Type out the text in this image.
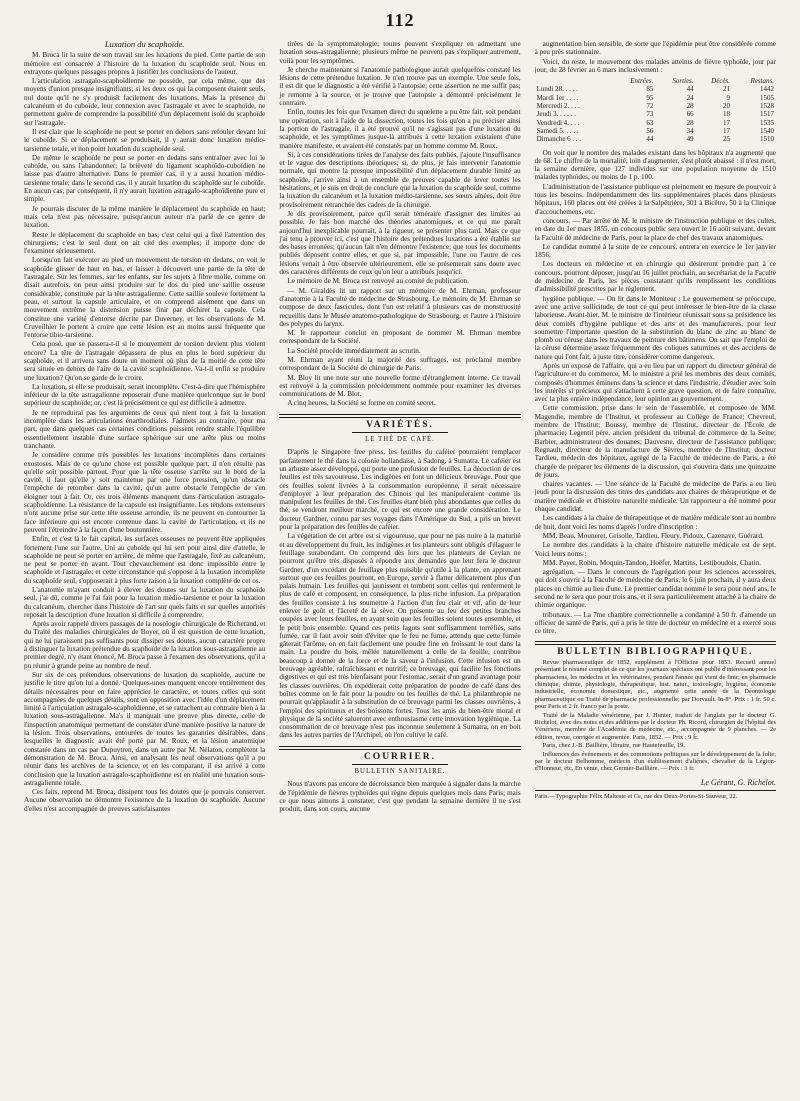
112
Luxation du scaphoïde.

M. Broca lit la suite de son travail sur les luxations du pied. Cette partie de son mémoire est consacrée à l'histoire de la luxation du scaphoïde seul. Nous en extrayons quelques passages propres à justifier les conclusions de l'auteur.

L'articulation astragalo-scaphoïdienne ne possède, par cela même, que des moyens d'union presque insignifiants; si les deux os qui la composent étaient seuls, nul doute qu'il ne s'y produisît facilement des luxations. Mais la présence du calcanéum et du cuboïde, leur connexion avec l'astragale et avec le scaphoïde, ne permettent guère de comprendre la possibilité d'un déplacement isolé du scaphoïde sur l'astragale.

Il est clair que le scaphoïde ne peut se porter en dehors sans refouler devant lui le cuboïde. Si ce déplacement se produisait, il y aurait donc luxation médio-tarsienne totale, et non point luxation du scaphoïde seul.

De même le scaphoïde ne peut se porter en dedans sans entraîner avec lui le cuboïde, ou sans l'abandonner; la brièveté du ligament scaphoïdo-cuboïdien ne laisse pas d'autre alternative. Dans le premier cas, il y a aussi luxation médio-tarsienne totale; dans le second cas, il y aurait luxation du scaphoïde sur le cuboïde. En aucun cas, par conséquent, il n'y aurait luxation astragalo-scaphoïdienne pure et simple.

Je pourrais discuter de la même manière le déplacement du scaphoïde en haut; mais cela n'est pas nécessaire, puisqu'aucun auteur n'a parlé de ce genre de luxation.

Reste le déplacement du scaphoïde en bas; c'est celui qui a fixé l'attention des chirurgiens; c'est le seul dont on ait cité des exemples; il importe donc de l'examiner sérieusement.

Lorsqu'on fait exécuter au pied un mouvement de torsion en dedans, on voit le scaphoïde glisser de haut en bas, et laisser à découvert une partie de la tête de l'astragale. Sur les femmes, sur les enfants, sur les sujets à fibre molle, comme on disait autrefois, on peut ainsi produire sur le dos du pied une saillie osseuse considérable, constituée par la tête astragalienne. Cette saillie souleve fortement la peau, et surtout la capsule articulaire, et on comprend aisément que dans un mouvement extrême la distension puisse finir par déchirer la capsule. Cela constitue une variété d'entorse décrite par Duverney, et les observations de M. Cruveilhier le portent à croire que cette lésion est au moins aussi fréquente que l'entorse tibio-tarsienne.

Cela posé, que se passera-t-il si le mouvement de torsion devient plus violent encore? La tête de l'astragale dépassera de plus en plus le bord supérieur du scaphoïde, et il arrivera sans doute un moment où plus de la moitié de cette tête sera située en dehors de l'aire de la cavité scaphoïdienne. Va-t-il enfin se produire une luxation? Qu'on se garde de le croire.

La luxation, si elle se produisait, serait incomplète. C'est-à-dire que l'hémisphère inférieur de la tête astragalienne reposerait d'une manière quelconque sur le bord supérieur du scaphoïde; or, c'est là précisément ce qui est difficile à admettre.

Je ne reproduirai pas les arguments de ceux qui nient tout à fait la luxation incomplète dans les articulations énarthrodiales. J'admets au contraire, pour ma part, que dans quelques cas certaines conditions puissent rendre stable l'équilibre essentiellement instable d'une surface sphérique sur une arête plus ou moins tranchante.

Je considère comme très possibles les luxations incomplètes dans certaines exostoses. Mais de ce qu'une chose est possible quelque part, il n'en résulte pas qu'elle soit possible partout. Pour que la tête osseuse s'arrête sur le bord de la cavité, il faut qu'elle y soit maintenue par une force pression, qu'un obstacle l'empêche de retomber dans la cavité, qu'un autre obstacle l'empêche de s'en éloigner tout à fait. Or, ces trois éléments manquent dans l'articulation astragalo-scaphoïdienne. La résistance de la capsule est insignifiante. Les tendons extenseurs n'ont aucune prise sur cette tête osseuse arrondie, ils ne peuvent en contourner la face inférieure qui est encore contenue dans la cavité de l'articulation, et ils ne peuvent l'étreindre à la façon d'une boutonnière.

Enfin, et c'est là le fait capital, les surfaces osseuses ne peuvent être appliquées fortement l'une sur l'autre. Uni au cuboïde qui lui sert pour ainsi dire d'attelle, le scaphoïde ne peut se porter en arrière, de même que l'astragale, fixé au calcanéum, ne peut se porter en avant. Tout chevauchement est donc impossible entre le scaphoïde et l'astragale; et cette circonstance qui s'oppose à la luxation incomplète du scaphoïde seul, s'opposerait à plus forte raison à la luxation complète de cet os.

L'anatomie m'ayant conduit à élever des doutes sur la luxation du scaphoïde seul, j'ai dû, comme je l'ai fait pour la luxation médio-tarsienne et pour la luxation du calcanéum, chercher dans l'histoire de l'art sur quels faits et sur quelles autorités reposait la description d'une luxation si difficile à comprendre.

Après avoir rappelé divers passages de la nosologie chirurgicale de Richerand, et du Traité des maladies chirurgicales de Boyer, où il est question de cette luxation, qui ne lui paraissent pas suffisants pour dissiper ses doutes, aucun caractère propre à distinguer la luxation prétendue du scaphoïde de la luxation sous-astragalienne au premier degré, n'y étant énoncé, M. Broca passe à l'examen des observations, qu'il a pu réunir à grande peine au nombre de neuf.

Sur six de ces prétendues observations de luxation du scaphoïde, aucune ne justifie le titre qu'on lui a donné. Quelques-unes manquent encore entièrement des détails nécessaires pour en faire apprécier le caractère, et toutes celles qui sont accompagnées de quelques détails, sont en opposition avec l'idée d'un déplacement limité à l'articulation astragalo-scaphoïdienne, et se rattachent au contraire bien à la luxation sous-astragalienne. Ma's il manquait une preuve plus directe, celle de l'inspection anatomique permettant de constater d'une manière positive la nature de la lésion. Trois observations, entourées de toutes les garanties désirables, dans lesquelles le diagnostic avait été porté par M. Roux, et la lésion anatomique constatée dans un cas par Dupuytren, dans un autre par M. Nélaton, complètent la démonstration de M. Broca. Ainsi, en analysant les neuf observations qu'il a pu réunir dans les archives de la science, et en les comparant, il est arrivé à cette conclusion que la luxation astragalo-scaphoïdienne est en réalité une luxation sous-astragalienne totale.

Ces faits, reprend M. Broca, dissipent tous les doutes que je pouvais conserver. Aucune observation ne démontre l'existence de la luxation du scaphoïde. Aucune d'elles n'est accompagnée de preuves satisfaisantes

tirées de la symptomatologie; toutes peuvent s'expliquer en admettant une luxation sous-astragalienne; plusieurs même ne peuvent pas s'expliquer autrement, voilà pour les symptômes.

Je cherche maintenant si l'anatomie pathologique aurait quelquefois constaté les lésions de cette prétendue luxation. Je n'en trouve pas un exemple. Une seule fois, il est dit que le diagnostic a été vérifié à l'autopsie; cette assertion ne me suffit pas; je remonte à la source, et je trouve que l'autopsie a démontré précisément le contraire.

Enfin, toutes les fois que l'examen direct du squelette a pu être fait, soit pendant une opération, soit à l'aide de la dissection, toutes les fois qu'on a pu préciser ainsi la portion de l'astragale, il a été prouvé qu'il ne s'agissait pas d'une luxation du scaphoïde, et les symptômes jusque-là attribués à cette luxation existaient d'une manière manifeste, et avaient été constatés par un homme comme M. Roux.

Si, à ces considérations tirées de l'analyse des faits publiés, j'ajoute l'insuffisance et le vague des descriptions théoriques; si, de plus, je fais intervenir l'anatomie normale, qui montre la presque impossibilité d'un déplacement durable limité au scaphoïde, j'arrive ainsi à un ensemble de preuves capable de lever toutes les hésitations, et je suis en droit de conclure que la luxation du scaphoïde seul, comme la luxation du calcanéum et la luxation médio-tarsienne, ses sœurs aînées, doit être provisoirement retranchée des cadres de la chirurgie.

Je dis provisoirement, parce qu'il serait téméraire d'assigner des limites au possible. Je fais bon marché des théories anatomiques, et ce qui me paraît aujourd'hui inexplicable pourrait, à la rigueur, se présenter plus tard. Mais ce que j'ai tenu à prouver ici, c'est que l'histoire des prétendues luxations a été établie sur des bases erronées; qu'aucun fait n'en démontre l'existence; que tous les documents publiés déposent contre elles, et que si, par impossible, l'une ou l'autre de ces lésions venait à être observée ultérieurement, elle se présenterait sans doute avec des caractères différents de ceux qu'on leur a attribués jusqu'ici.

Le mémoire de M. Broca est renvoyé au comité de publication.

— M. Giraldès lit un rapport sur un mémoire de M. Ehrman, professeur d'anatomie à la Faculté de médecine de Strasbourg. Le mémoire de M. Ehrman se compose de deux fascicules, dont l'un est relatif à plusieurs cas de monstruosité recueillis dans le Musée anatomo-pathologique de Strasbourg, et l'autre à l'histoire des polypes du larynx.

M. le rapporteur conclut en proposant de nommer M. Ehrman membre correspondant de la Société.

La Société procède immédiatement au scrutin.

M. Ehrman ayant réuni la majorité des suffrages, est proclamé membre correspondant de la Société de chirurgie de Paris.

M. Bloy lit une note sur une nouvelle forme d'étranglement interne. Ce travail est renvoyé à la commission précédemment nommée pour examiner les diverses communications de M. Blot.

A cinq heures, la Société se forme en comité secret.

VARIÉTÉS.
LE THÉ DE CAFÉ.

D'après le Singapore free press, les feuilles du caféier pourraient remplacer parfaitement le thé dans la colonie hollandaise, à Sadong, à Sumatra. Le caféier est un arbuste assez développé, qui porte une profusion de feuilles. La décoction de ces feuilles est très savoureuse. Les indigènes en font un délicieux breuvage. Pour que ces feuilles soient livrées à la consommation européenne, il serait nécessaire d'employer à leur préparation des Chinois qui les manipuleraient comme ils manipulent les feuilles de thé. Ces feuilles étant bien plus abondantes que celles du thé, se vendront meilleur marché, ce qui est encore une grande considération. Le docteur Gardner, connu par ses voyages dans l'Amérique du Sud, a pris un brevet pour la préparation des feuilles de caféier.

La végétation de cet arbre est si vigoureuse, que pour ne pas nuire à la maturité et au développement du fruit, les indigènes et les planteurs sont obligés d'élaguer le feuillage surabondant. On comprend dès lors que les planteurs de Ceylan ne pourront qu'être très disposés à répondre aux demandes que leur fera le docteur Gardner, d'un excédant de feuillage plus nuisible qu'utile à la plante, en apprenant surtout que ces feuilles pourront, en Europe, servir à flatter délicatement plus d'un palais humain. Les feuilles qui jaunissent et tombent sont celles qui renferment le plus de café et composent, en conséquence, la plus riche infusion. La préparation des feuilles consiste à les soumettre à l'action d'un feu clair et vif, afin de leur enlever le goût et l'âcreté de la sève. On présente au feu des petites branches coupées avec leurs feuilles, en ayant soin que les feuilles soient toutes ensemble, et le petit bois ensemble. Quand ces petits fagots sont suffisamment torréfiés, sans fumée, car il faut avoir soin d'éviter que le feu ne fume, attendu que cette fumée gâterait l'arôme, on en fait facilement une poudre fine en froissant le tout dans la main. La poudre du bois, mêlée naturellement à celle de la feuille, contribue beaucoup à donner de la force et de la saveur à l'infusion. Cette infusion est un breuvage agréable, rafraîchissant et nutritif; ce breuvage, qui facilite les fonctions digestives et qui est très bienfaisant pour l'estomac, serait d'un grand avantage pour les classes ouvrières. On expédierait cette préparation de poudre de café dans des boîtes comme on le fait pour la poudre ou les feuilles de thé. La philanthropie ne pourrait qu'applaudir à la substitution de ce breuvage parmi les classes ouvrières, à l'emploi des spiritueux et des boissons fortes. Tous les amis du bien-être moral et physique de la société salueront avec enthousiasme cette innovation hygiénique. La consommation de ce breuvage n'est pas inconnue seulement à Sumatra, on en boit dans les autres parties de l'Archipel, où l'on cultive le café.

COURRIER.
BULLETIN SANITAIRE.

Nous n'avons pas encore de décroissance bien marquée à signaler dans la marche de l'épidémie de fièvres typhoïdes qui règne depuis quelques mois dans Paris; mais ce que nous aimons à constater, c'est que pendant la semaine dernière il ne s'est produit, dans son cours, aucune

augmentation bien sensible, de sorte que l'épidémie peut être considérée comme à peu près stationnaire.

Voici, du reste, le mouvement des malades atteints de fièvre typhoïde, jour par jour, du 28 février au 6 mars inclusivement :

	Entrées.	Sorties.	Décès.	Restans.
Lundi 28. . . . .	85	44	21	1442
Mardi 1er . . . .	95	24	9	1505
Mercredi 2. . . .	72	28	20	1528
Jeudi 3. . . . . .	73	66	18	1517
Vendredi 4. . . .	63	28	17	1535
Samedi 5. . . . .	56	34	17	1540
Dimanche 6 . . .	44	49	25	1510

On voit que le nombre des malades existant dans les hôpitaux n'a augmenté que de 68. Le chiffre de la mortalité, loin d'augmenter, s'est plutôt abaissé : il n'est mort, la semaine dernière, que 127 individus sur une population moyenne de 1510 malades typhoïdes, ou moins de 1 p. 100.

L'administration de l'assistance publique est pleinement en mesure de pourvoir à tous les besoins. Indépendamment des lits supplémentaires placés dans plusieurs hôpitaux, 160 places ont été créées à la Salpêtrière, 301 à Bicêtre, 50 à la Clinique d'accouchemens, etc.

concours. — Par arrêté de M. le ministre de l'instruction publique et des cultes, en date du 1er mars 1855, un concours public sera ouvert le 16 août suivant, devant la Faculté de médecine de Paris, pour la place de chef des travaux anatomiques.

Le candidat nommé à la suite de ce concours, entrera en exercice le 1er janvier 1856.

Les docteurs en médecine et en chirurgie qui désireront prendre part à ce concours, pourront déposer, jusqu'au 16 juillet prochain, au secrétariat de la Faculté de médecine de Paris, les pièces constatant qu'ils remplissent les conditions d'admissibilité prescrites par le règlement.

hygiène publique. — On lit dans le Moniteur : Le gouvernement se préoccupe, avec une active sollicitude, de tout ce qui peut intéresser le bien-être de la classe laborieuse. Avant-hier, M. le ministre de l'intérieur réunissait sous sa présidence les deux comités d'hygiène publique et des arts et des manufactures, pour leur soumettre l'importante question de la substitution du blanc de zinc au blanc de plomb ou céruse dans les travaux de peinture des bâtimens. On sait que l'emploi de la céruse détermine assez fréquemment des coliques saturnines et des accidens de nature qui l'ont fait, à juste titre, considérer comme dangereux.

Après un exposé de l'affaire, qui a eu lieu par un rapport du directeur général de l'agriculture et du commerce, M. le ministre a prié les membres des deux comités, composés d'hommes éminens dans la science et dans l'industrie, d'étudier avec soin les intérêts si précieux qui s'attachent à cette grave question, et de faire connaître, avec la plus entière indépendance, leur opinion au gouvernement.

Cette commission, prise dans le sein de l'assemblée, et composée de MM. Magendie, membre de l'Institut, et professeur au Collège de France; Chevreul, membre de l'Institut; Boussy, membre de l'Institut, directeur de l'École de pharmacie; Legentil père, ancien président du tribunal de commerce de la Seine; Barbier, administrateur des douanes; Dauvesne, directeur de l'assistance publique; Regnault, directeur de la manufacture de Sèvres, membre de l'Institut; docteur Tardieu, médecin des hôpitaux, agrégé de la Faculté de médecine de Paris, a été chargée de préparer les éléments de la discussion, qui s'ouvrira dans une quinzaine de jours.

chaires vacantes. — Une séance de la Faculté de médecine de Paris a eu lieu jeudi pour la discussion des titres des candidats aux chaires de thérapeutique et de matière médicale et d'histoire naturelle médicale. Un rapporteur a été nommé pour chaque candidat.

Les candidats à la chaire de thérapeutique et de matière médicale sont au nombre de huit, dont voici les noms d'après l'ordre d'inscription :

MM. Beau, Mouneret, Grisolle, Tardieu, Fleury, Pidoux, Cazenave, Guérard.

Le nombre des candidats à la chaire d'histoire naturelle médicale est de sept. Voici leurs noms :

MM. Payer, Robin, Moquin-Tandon, Hoëfer, Martins, Lestiboudois, Chatin.

agrégation. — Dans le concours de l'agrégation pour les sciences accessoires, qui doit s'ouvrir à la Faculté de médecine de Paris, le 6 juin prochain, il y aura deux places en chimie au lieu d'une. Le premier candidat nommé le sera pour neuf ans, le second ne le sera que pour trois ans, et il sera particulièrement attaché à la chaire de chimie organique.

tribunaux. — La 7me chambre correctionnelle a condamné à 50 fr. d'amende un officier de santé de Paris, qui a pris le titre de docteur en médecine et a exercé sous ce titre.

BULLETIN BIBLIOGRAPHIQUE.

Revue pharmaceutique de 1852, supplément à l'Officine pour 1853. Recueil annuel présentant le résumé complet de ce que les journaux spéciaux ont publié d'intéressant pour les pharmaciens, les médecins et les vétérinaires, pendant l'année qui vient de finir; en pharmacie chimique, chimie, physiologie, thérapeutique, hist. natur., toxicologie, hygiène, économie industrielle, économie domestique, etc., augmenté cette année de la Déontologie pharmaceutique ou Traité de pharmacie professionnelle; par Dorvault. In-8°. Prix : 1 fr. 50 c. pour Paris et 2 fr. franco par la poste.

Traité de la Maladie vénérienne, par J. Hunter, traduit de l'anglais par le docteur G. Richelot, avec des notes et des additions par le docteur Ph. Ricord, chirurgien de l'hôpital des Vénériens, membre de l'Académie de médecine, etc., accompagnée de 9 planches. — 2e édition, revue, corrigée et augmentée. Paris, 1852. — Prix : 9 fr.

Paris, chez J.-B. Baillière, libraire, rue Hautefeuille, 19.

Influences des événements et des commotions politiques sur le développement de la folie; par le docteur Belhomme, médecin d'un établissement d'aliénés, chevalier de la Légion-d'Honneur, etc. En vente, chez Germer-Baillière. — Prix : 3 fr.

Le Gérant, G. Richelot.
Paris.—Typographie Félix Malteste et Ce, rue des Deux-Portes-St-Sauveur, 22.
